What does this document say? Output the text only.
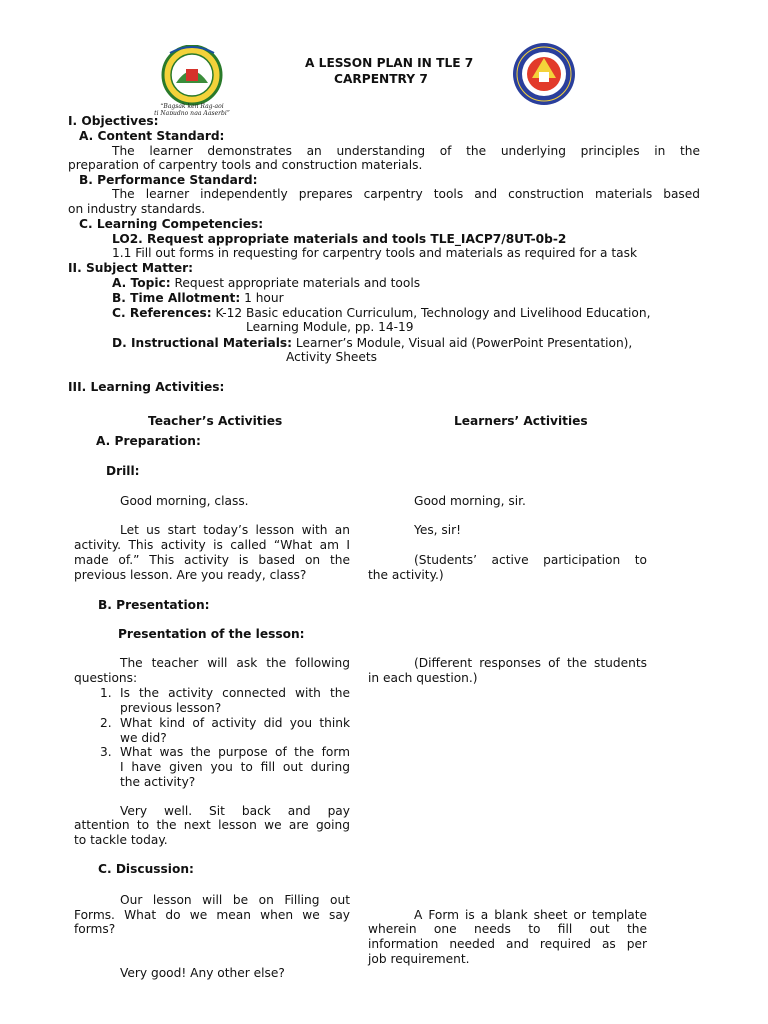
“Bagsak ken Rag-aoi
ti Napudno nga Agserbi”
A LESSON PLAN IN TLE 7
CARPENTRY 7
I. Objectives:
A. Content Standard:
The learner demonstrates an understanding of the underlying principles in the
preparation of carpentry tools and construction materials.
B. Performance Standard:
The learner independently prepares carpentry tools and construction materials based
on industry standards.
C. Learning Competencies:
LO2. Request appropriate materials and tools TLE_IACP7/8UT-0b-2
1.1 Fill out forms in requesting for carpentry tools and materials as required for a task
II. Subject Matter:
A. Topic: Request appropriate materials and tools
B. Time Allotment: 1 hour
C. References: K-12 Basic education Curriculum, Technology and Livelihood Education,
Learning Module, pp. 14-19
D. Instructional Materials: Learner’s Module, Visual aid (PowerPoint Presentation),
Activity Sheets
III. Learning Activities:
Teacher’s Activities	Learners’ Activities
A. Preparation:
Drill:
Good morning, class.	Good morning, sir.
Let us start today’s lesson with an
activity. This activity is called “What am I
made of.” This activity is based on the
previous lesson. Are you ready, class?
Yes, sir!
(Students’ active participation to
the activity.)
B. Presentation:
Presentation of the lesson:
The teacher will ask the following
questions:
1. Is the activity connected with the
previous lesson?
2. What kind of activity did you think
we did?
3. What was the purpose of the form
I have given you to fill out during
the activity?
(Different responses of the students
in each question.)
Very well. Sit back and pay
attention to the next lesson we are going
to tackle today.
C. Discussion:
Our lesson will be on Filling out
Forms. What do we mean when we say
forms?
A Form is a blank sheet or template
wherein one needs to fill out the
information needed and required as per
job requirement.
Very good! Any other else?
